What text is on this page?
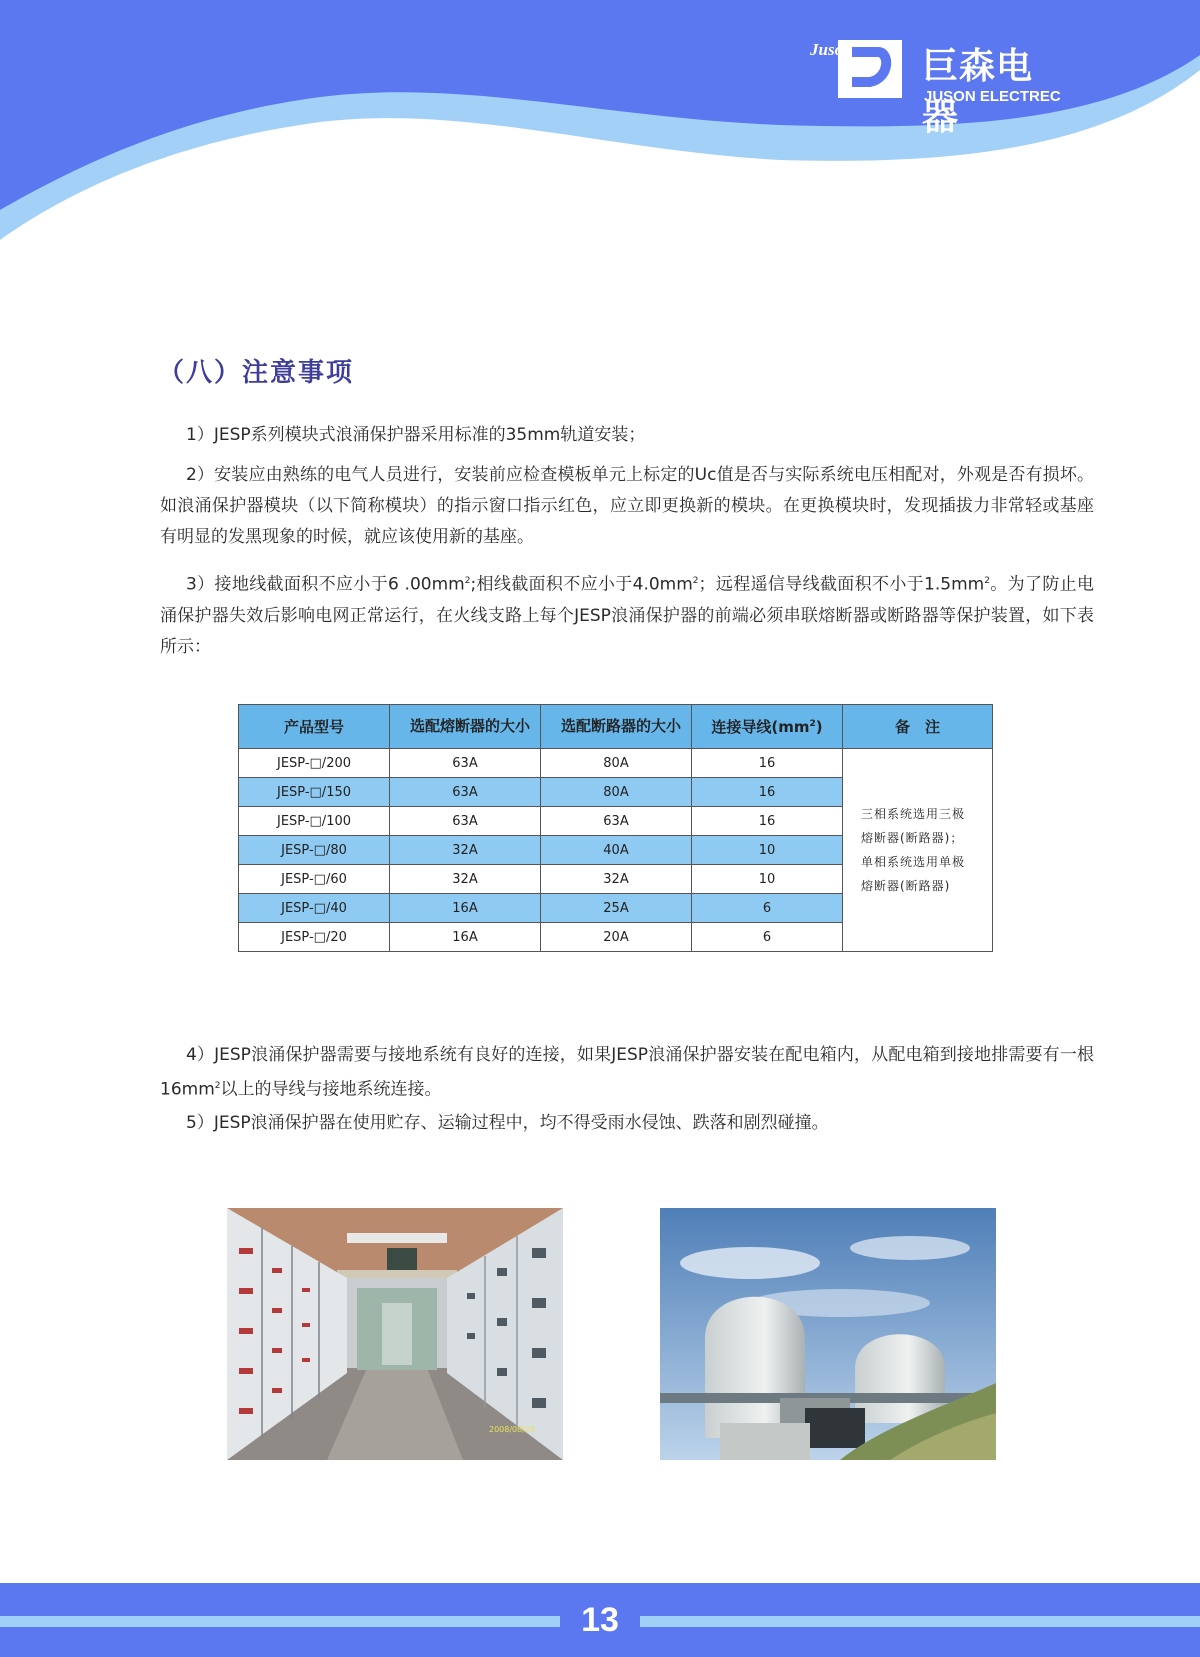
Juson 巨森电器
JUSON ELECTREC
（八）注意事项
1）JESP系列模块式浪涌保护器采用标准的35mm轨道安装；
2）安装应由熟练的电气人员进行，安装前应检查模板单元上标定的Uc值是否与实际系统电压相配对，外观是否有损坏。如浪涌保护器模块（以下简称模块）的指示窗口指示红色，应立即更换新的模块。在更换模块时，发现插拔力非常轻或基座有明显的发黑现象的时候，就应该使用新的基座。
3）接地线截面积不应小于6 $.00mm^2$;相线截面积不应小于$4.0mm^2$；远程遥信导线截面积不小于$1.5mm^2$。为了防止电涌保护器失效后影响电网正常运行，在火线支路上每个JESP浪涌保护器的前端必须串联熔断器或断路器等保护装置，如下表所示：
产品型号	选配熔断器的大小	选配断路器的大小	连接导线$(mm^2)$	备　注
JESP-□/200	63A	80A	16	三相系统选用三极
熔断器(断路器)；
单相系统选用单极
熔断器(断路器)

JESP-□/150	63A	80A	16	
JESP-□/100	63A	63A	16	
JESP-□/80	32A	40A	10	
JESP-□/60	32A	32A	10	
JESP-□/40	16A	25A	6	
JESP-□/20	16A	20A	6	
4）JESP浪涌保护器需要与接地系统有良好的连接，如果JESP浪涌保护器安装在配电箱内，从配电箱到接地排需要有一根$16mm^2$以上的导线与接地系统连接。
5）JESP浪涌保护器在使用贮存、运输过程中，均不得受雨水侵蚀、跌落和剧烈碰撞。
2008/08/25
13
